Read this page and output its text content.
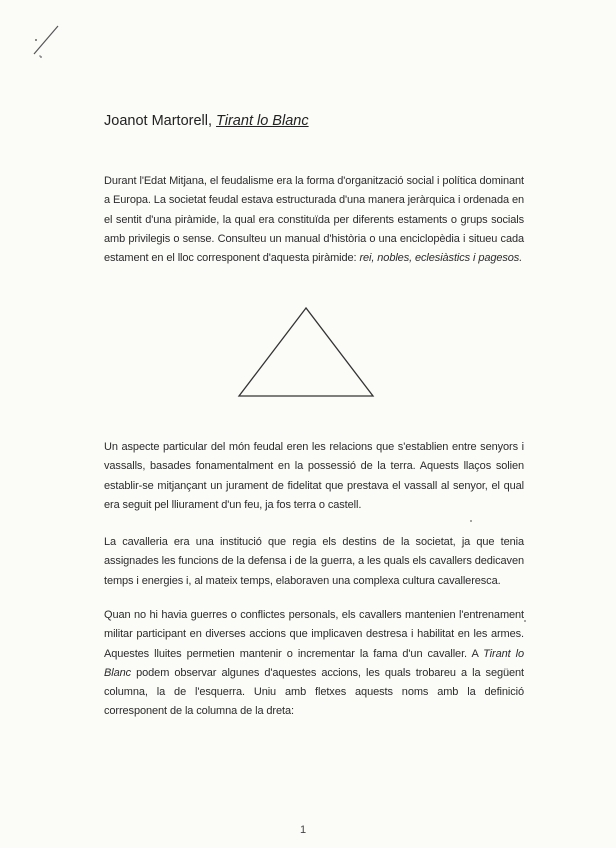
Joanot Martorell, Tirant lo Blanc

Durant l'Edat Mitjana, el feudalisme era la forma d'organització social i política dominant a Europa. La societat feudal estava estructurada d'una manera jeràrquica i ordenada en el sentit d'una piràmide, la qual era constituïda per diferents estaments o grups socials amb privilegis o sense. Consulteu un manual d'història o una enciclopèdia i situeu cada estament en el lloc corresponent d'aquesta piràmide: rei, nobles, eclesiàstics i pagesos.

Un aspecte particular del món feudal eren les relacions que s'establien entre senyors i vassalls, basades fonamentalment en la possessió de la terra. Aquests llaços solien establir-se mitjançant un jurament de fidelitat que prestava el vassall al senyor, el qual era seguit pel lliurament d'un feu, ja fos terra o castell.

La cavalleria era una institució que regia els destins de la societat, ja que tenia assignades les funcions de la defensa i de la guerra, a les quals els cavallers dedicaven temps i energies i, al mateix temps, elaboraven una complexa cultura cavalleresca.

Quan no hi havia guerres o conflictes personals, els cavallers mantenien l'entrenament militar participant en diverses accions que implicaven destresa i habilitat en les armes. Aquestes lluites permetien mantenir o incrementar la fama d'un cavaller. A Tirant lo Blanc podem observar algunes d'aquestes accions, les quals trobareu a la següent columna, la de l'esquerra. Uniu amb fletxes aquests noms amb la definició corresponent de la columna de la dreta:

1
